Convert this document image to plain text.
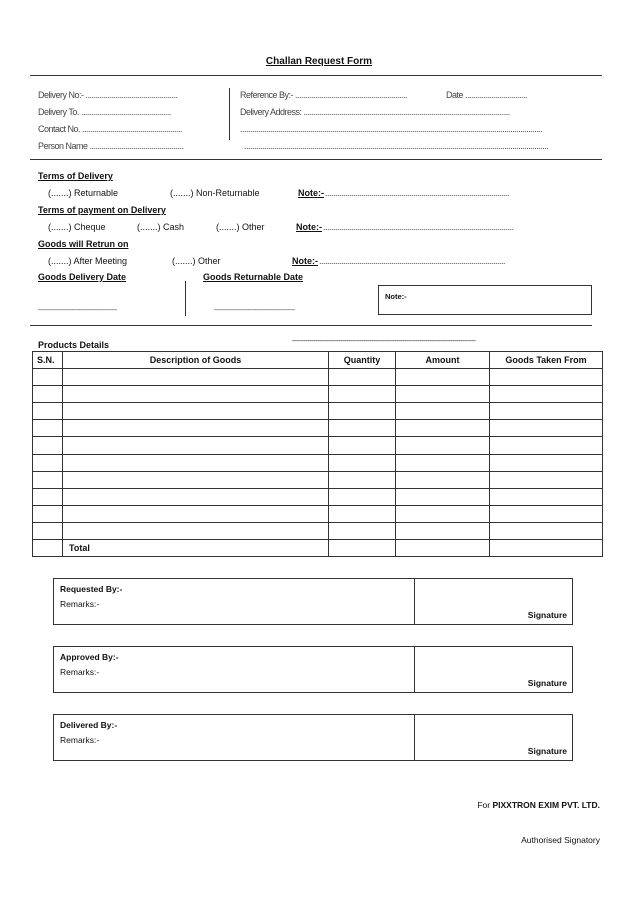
Challan Request Form
Delivery No:- ..............................................
Delivery To. .............................................
Contact No. ..................................................
Person Name ...............................................
Reference By:- ........................................................	Date ...............................
Delivery Address: .......................................................................................................
.......................................................................................................................................................
........................................................................................................................................................
Terms of Delivery
(.......) Returnable	(.......) Non-Returnable	Note:- ............................................................................................
Terms of payment on Delivery
(.......) Cheque	(.......) Cash	(.......) Other	Note:- ...............................................................................................
Goods will Retrun on
(.......) After Meeting	(.......) Other	Note:- .............................................................................................
Goods Delivery Date	Goods Returnable Date
-------------------------------------------	--------------------------------------------
Note:-
Products Details	-----------------------------------------------------------------------------------------------
S.N.	Description of Goods	Quantity	Amount	Goods Taken From

	Total			
Requested By:-
Remarks:-
Signature
Approved By:-
Remarks:-
Signature
Delivered By:-
Remarks:-
Signature
For PIXXTRON EXIM PVT. LTD.
Authorised Signatory
